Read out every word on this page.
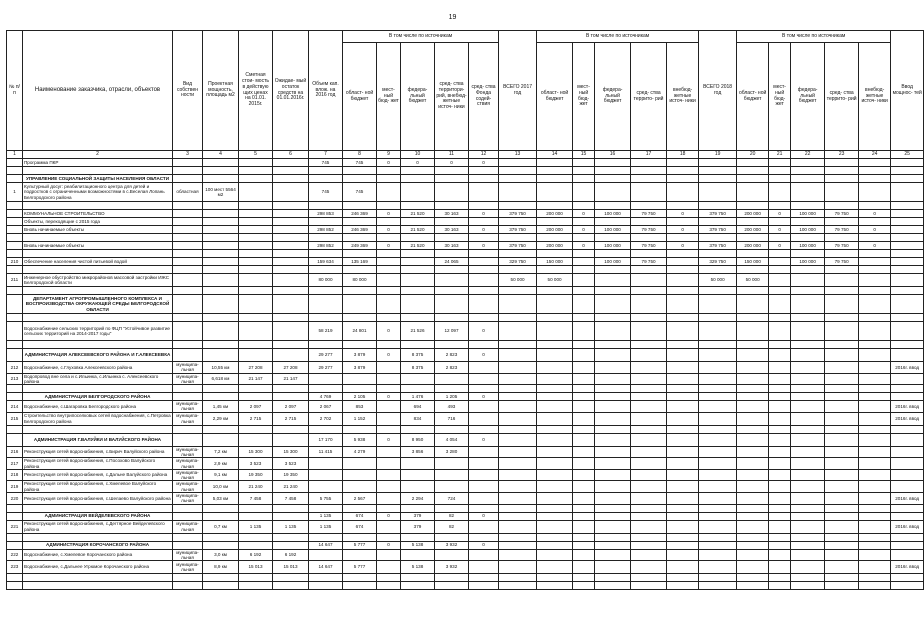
19
№ п/п	Наименование заказчика, отрасли, объектов	Вид собствен ности	Проектная мощность, площадь м2	Сметная стои- мость в действую щих ценах на 01.01. 2015г.	Ожидае- мый остаток средств на 01.01.2016г.	Объем кап. влож. на 2016 год	В том числе по источникам					ВСЕГО 2017 год	В том числе по источникам					ВСЕГО 2018 год	В том числе по источникам					Ввод мощнос- тей
							област- ной бюджет	мест- ный бюд- жет	федера- льный бюджет	сред- ства территори- рий, внебюд- жетные источ- ники	сред- ства Фонда содей- ствия		област- ной бюджет	мест- ный бюд- жет	федера- льный бюджет	сред- ства террито- рий	внебюд- жетные источ- ники		област- ной бюджет	мест- ный бюд- жет	федера- льный бюджет	сред- ства террито- рий	внебюд- жетные источ- ники	
1	2	3	4	5	6	7	8	9	10	11	12	13	14	15	16	17	18	19	20	21	22	23	24	25
	Программа ПКР					745	745	0	0	0	0													

	УПРАВЛЕНИЕ СОЦИАЛЬНОЙ ЗАЩИТЫ НАСЕЛЕНИЯ ОБЛАСТИ																							
1	Культурный досуг: реабилитационного центра для детей и подростков с ограниченными возможностями в с.Веселая Лопань Белгородского района	областная	100 мест 5564 м2			745	745																	

	КОММУНАЛЬНОЕ СТРОИТЕЛЬСТВО					298 853	246 369	0	21 520	30 163	0	379 750	200 000	0	100 000	79 750	0	379 750	200 000	0	100 000	79 750	0	
	Объекты, переходящие с 2015 года																							
	Вновь начинаемые объекты					298 852	246 369	0	21 520	30 163	0	379 750	200 000	0	100 000	79 750	0	379 750	200 000	0	100 000	79 750	0	

	Вновь начинаемые объекты					298 852	249 369	0	21 520	30 163	0	379 750	200 000	0	100 000	79 750	0	379 750	200 000	0	100 000	79 750	0	

210	Обеспечение населения чистой питьевой водой					159 634	135 169			24 065		329 750	150 000		100 000	79 750		329 750	150 000		100 000	79 750		

211	Инженерное обустройство микрорайонов массовой застройки ИЖС Белгородской области					80 000	80 000					50 000	50 000					50 000	50 000					

	ДЕПАРТАМЕНТ АГРОПРОМЫШЛЕННОГО КОМПЛЕКСА И ВОСПРОИЗВОДСТВА ОКРУЖАЮЩЕЙ СРЕДЫ БЕЛГОРОДСКОЙ ОБЛАСТИ																							

	Водоснабжение сельских территорий по ФЦП "Устойчивое развитие сельских территорий на 2014-2017 годы"					58 219	24 801	0	21 526	12 097	0													

	АДМИНИСТРАЦИЯ АЛЕКСЕЕВСКОГО РАЙОНА И Г.АЛЕКСЕЕВКА					29 277	3 879	0	8 375	2 823	0													
212	Водоснабжение, с.Глуховка Алексеевского района	муниципа- льная	10,55 км	27 208	27 208	29 277	3 879		8 375	2 823														2016г. ввод
213	Водопровод вне села и с.Ильинка, с.Ильинка с. Алексеевского района	муниципа- льная	6,618 км	21 147	21 147																			

	АДМИНИСТРАЦИЯ БЕЛГОРОДСКОГО РАЙОНА					4 769	2 105	0	1 476	1 205	0													
214	Водоснабжение, с.Шагаровка Белгородского района	муниципа- льная	1,45 км	2 097	2 097	2 067	853		694	493														2016г. ввод
215	Строительство внутрипоселковых сетей водоснабжения, с.Петровка Белгородского района	муниципа- льная	2,29 км	2 715	2 715	2 702	1 152		834	716														2016г. ввод

	АДМИНИСТРАЦИЯ Г.ВАЛУЙКИ И ВАЛУЙСКОГО РАЙОНА					17 170	5 938	0	8 950	4 054	0													
216	Реконструкция сетей водоснабжения, с.Бирич Валуйского района	муниципа- льная	7,2 км	15 300	15 300	11 415	4 279		3 856	3 280														
217	Реконструкция сетей водоснабжения, с.Посохово Валуйского района	муниципа- льная	2,9 км	3 523	3 523																			
218	Реконструкция сетей водоснабжения, с.Дальне Валуйского района	муниципа- льная	9,1 км	19 350	19 350																			
219	Реконструкция сетей водоснабжения, с.Хмелевое Валуйского района	муниципа- льная	10,0 км	21 240	21 240																			
220	Реконструкция сетей водоснабжения, с.Шелаево Валуйского района	муниципа- льная	5,03 км	7 458	7 458	5 755	2 567		2 294	724														2016г. ввод

	АДМИНИСТРАЦИЯ ВЕЙДЕЛЕВСКОГО РАЙОНА					1 135	674	0	379	82	0													
221	Реконструкция сетей водоснабжения, с.Дегтярное Вейделевского района	муниципа- льная	0,7 км	1 135	1 135	1 135	674		379	82														2016г. ввод

	АДМИНИСТРАЦИЯ КОРОЧАНСКОГО РАЙОНА					14 647	5 777	0	5 138	3 932	0													
222	Водоснабжение, с.Хмелевое Корочанского района	муниципа- льная	3,0 км	6 192	6 192																			
223	Водоснабжение, с.Дальнее Угрюмое Корочанского района	муниципа- льная	8,9 км	15 013	15 013	14 647	5 777		5 138	3 932														2016г. ввод
